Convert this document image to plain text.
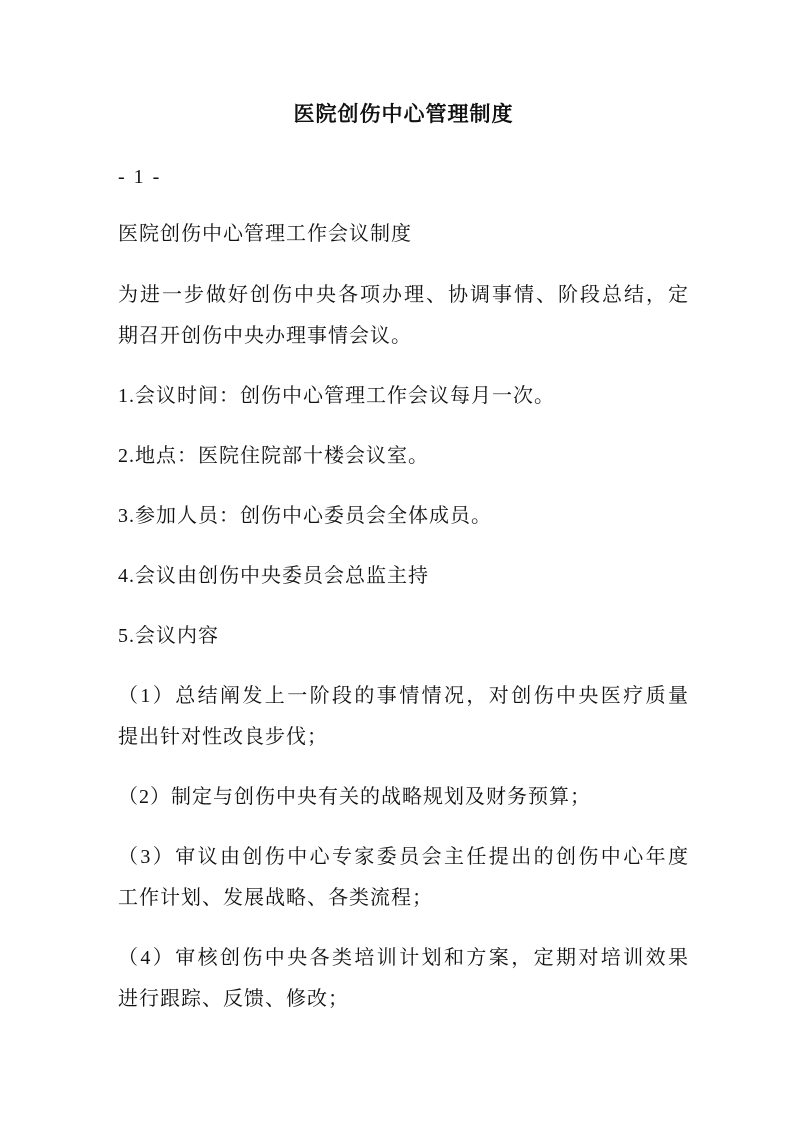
医院创伤中心管理制度
- 1 -
医院创伤中心管理工作会议制度
为进一步做好创伤中央各项办理、协调事情、阶段总结，定
期召开创伤中央办理事情会议。
1.会议时间：创伤中心管理工作会议每月一次。
2.地点：医院住院部十楼会议室。
3.参加人员：创伤中心委员会全体成员。
4.会议由创伤中央委员会总监主持
5.会议内容
（1）总结阐发上一阶段的事情情况，对创伤中央医疗质量
提出针对性改良步伐；
（2）制定与创伤中央有关的战略规划及财务预算；
（3）审议由创伤中心专家委员会主任提出的创伤中心年度
工作计划、发展战略、各类流程；
（4）审核创伤中央各类培训计划和方案，定期对培训效果
进行跟踪、反馈、修改；
